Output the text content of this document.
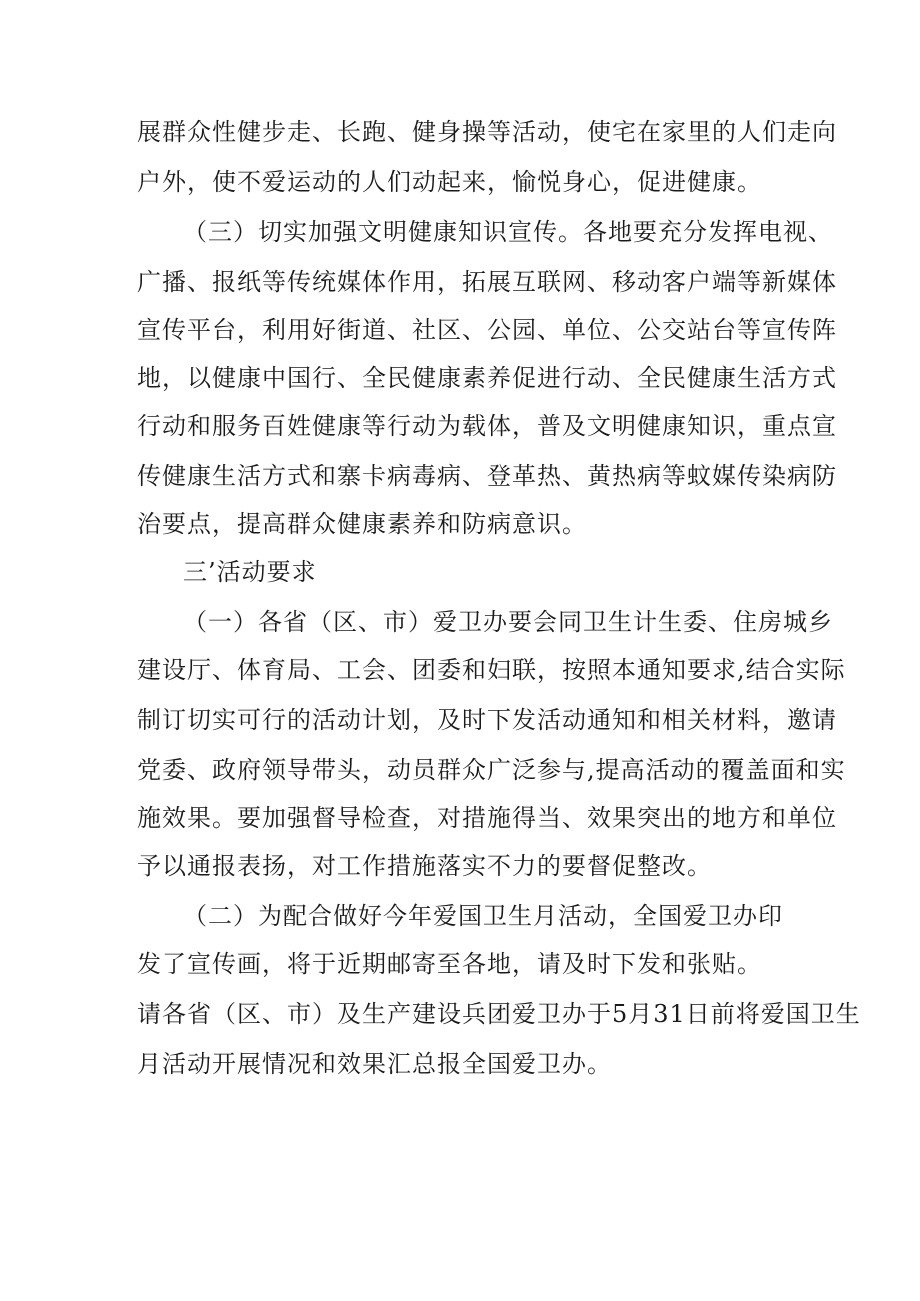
展群众性健步走、长跑、健身操等活动，使宅在家里的人们走向
户外，使不爱运动的人们动起来，愉悦身心，促进健康。
（三）切实加强文明健康知识宣传。各地要充分发挥电视、
广播、报纸等传统媒体作用，拓展互联网、移动客户端等新媒体
宣传平台，利用好街道、社区、公园、单位、公交站台等宣传阵
地，以健康中国行、全民健康素养促进行动、全民健康生活方式
行动和服务百姓健康等行动为载体，普及文明健康知识，重点宣
传健康生活方式和寨卡病毒病、登革热、黄热病等蚊媒传染病防
治要点，提高群众健康素养和防病意识。
三’活动要求
（一）各省（区、市）爱卫办要会同卫生计生委、住房城乡
建设厅、体育局、工会、团委和妇联，按照本通知要求,结合实际
制订切实可行的活动计划，及时下发活动通知和相关材料，邀请
党委、政府领导带头，动员群众广泛参与,提高活动的覆盖面和实
施效果。要加强督导检查，对措施得当、效果突出的地方和单位
予以通报表扬，对工作措施落实不力的要督促整改。
（二）为配合做好今年爱国卫生月活动，全国爱卫办印
发了宣传画，将于近期邮寄至各地，请及时下发和张贴。
请各省（区、市）及生产建设兵团爱卫办于5月31日前将爱国卫生
月活动开展情况和效果汇总报全国爱卫办。
